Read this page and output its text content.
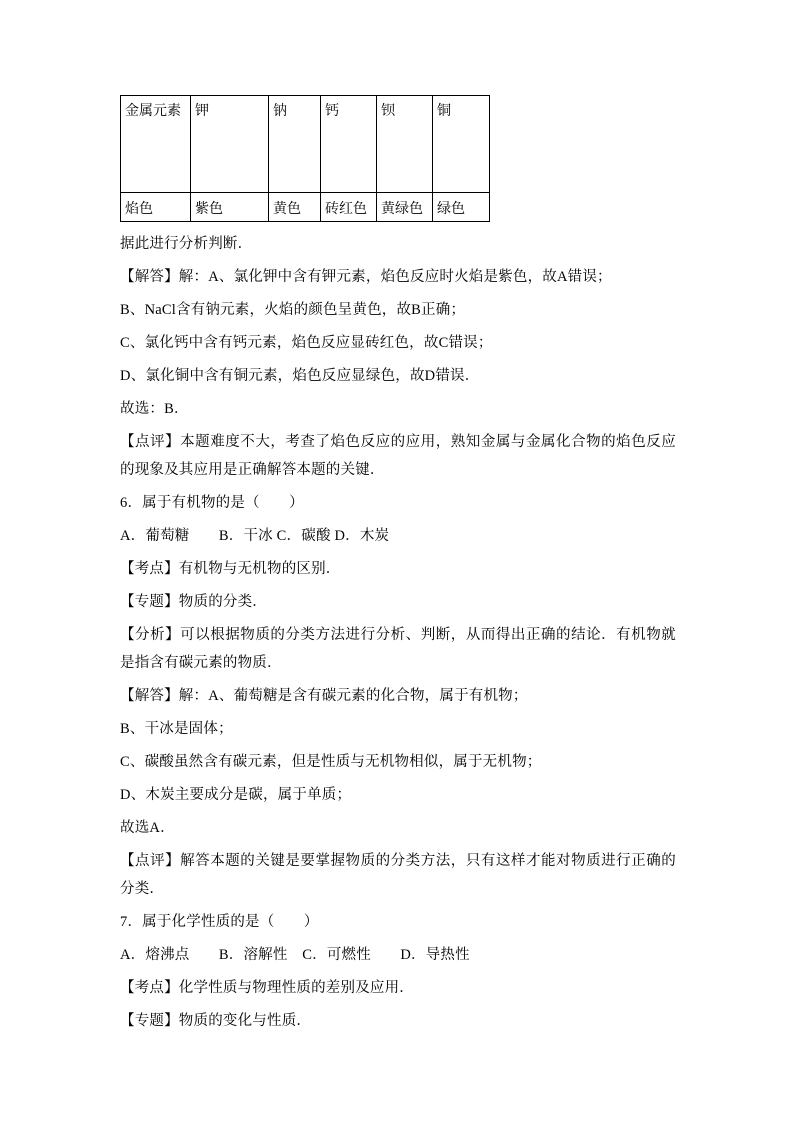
金属元素	钾	钠	钙	钡	铜
焰色	紫色	黄色	砖红色	黄绿色	绿色

据此进行分析判断．

【解答】解：A、氯化钾中含有钾元素，焰色反应时火焰是紫色，故A错误；

B、NaCl含有钠元素，火焰的颜色呈黄色，故B正确；

C、氯化钙中含有钙元素，焰色反应显砖红色，故C错误；

D、氯化铜中含有铜元素，焰色反应显绿色，故D错误．

故选：B．

【点评】本题难度不大，考查了焰色反应的应用，熟知金属与金属化合物的焰色反应的现象及其应用是正确解答本题的关键．

6．属于有机物的是（　　）

A．葡萄糖　　B．干冰 C．碳酸 D．木炭

【考点】有机物与无机物的区别．

【专题】物质的分类．

【分析】可以根据物质的分类方法进行分析、判断，从而得出正确的结论．有机物就是指含有碳元素的物质．

【解答】解：A、葡萄糖是含有碳元素的化合物，属于有机物；

B、干冰是固体；

C、碳酸虽然含有碳元素，但是性质与无机物相似，属于无机物；

D、木炭主要成分是碳，属于单质；

故选A．

【点评】解答本题的关键是要掌握物质的分类方法，只有这样才能对物质进行正确的分类．

7．属于化学性质的是（　　）

A．熔沸点　　B．溶解性　C．可燃性　　D．导热性

【考点】化学性质与物理性质的差别及应用．

【专题】物质的变化与性质．
